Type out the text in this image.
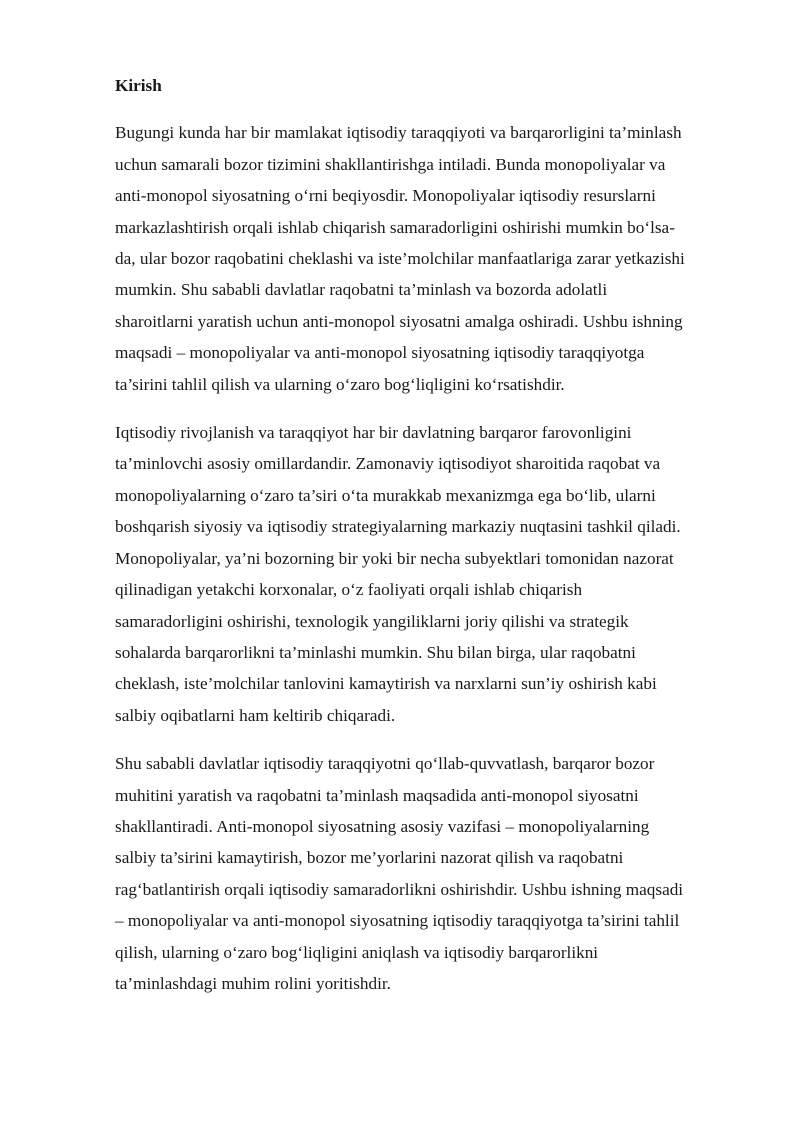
Kirish
Bugungi kunda har bir mamlakat iqtisodiy taraqqiyoti va barqarorligini ta’minlash
uchun samarali bozor tizimini shakllantirishga intiladi. Bunda monopoliyalar va
anti-monopol siyosatning o‘rni beqiyosdir. Monopoliyalar iqtisodiy resurslarni
markazlashtirish orqali ishlab chiqarish samaradorligini oshirishi mumkin bo‘lsa-
da, ular bozor raqobatini cheklashi va iste’molchilar manfaatlariga zarar yetkazishi
mumkin. Shu sababli davlatlar raqobatni ta’minlash va bozorda adolatli
sharoitlarni yaratish uchun anti-monopol siyosatni amalga oshiradi. Ushbu ishning
maqsadi – monopoliyalar va anti-monopol siyosatning iqtisodiy taraqqiyotga
ta’sirini tahlil qilish va ularning o‘zaro bog‘liqligini ko‘rsatishdir.
Iqtisodiy rivojlanish va taraqqiyot har bir davlatning barqaror farovonligini
ta’minlovchi asosiy omillardandir. Zamonaviy iqtisodiyot sharoitida raqobat va
monopoliyalarning o‘zaro ta’siri o‘ta murakkab mexanizmga ega bo‘lib, ularni
boshqarish siyosiy va iqtisodiy strategiyalarning markaziy nuqtasini tashkil qiladi.
Monopoliyalar, ya’ni bozorning bir yoki bir necha subyektlari tomonidan nazorat
qilinadigan yetakchi korxonalar, o‘z faoliyati orqali ishlab chiqarish
samaradorligini oshirishi, texnologik yangiliklarni joriy qilishi va strategik
sohalarda barqarorlikni ta’minlashi mumkin. Shu bilan birga, ular raqobatni
cheklash, iste’molchilar tanlovini kamaytirish va narxlarni sun’iy oshirish kabi
salbiy oqibatlarni ham keltirib chiqaradi.
Shu sababli davlatlar iqtisodiy taraqqiyotni qo‘llab-quvvatlash, barqaror bozor
muhitini yaratish va raqobatni ta’minlash maqsadida anti-monopol siyosatni
shakllantiradi. Anti-monopol siyosatning asosiy vazifasi – monopoliyalarning
salbiy ta’sirini kamaytirish, bozor me’yorlarini nazorat qilish va raqobatni
rag‘batlantirish orqali iqtisodiy samaradorlikni oshirishdir. Ushbu ishning maqsadi
– monopoliyalar va anti-monopol siyosatning iqtisodiy taraqqiyotga ta’sirini tahlil
qilish, ularning o‘zaro bog‘liqligini aniqlash va iqtisodiy barqarorlikni
ta’minlashdagi muhim rolini yoritishdir.
